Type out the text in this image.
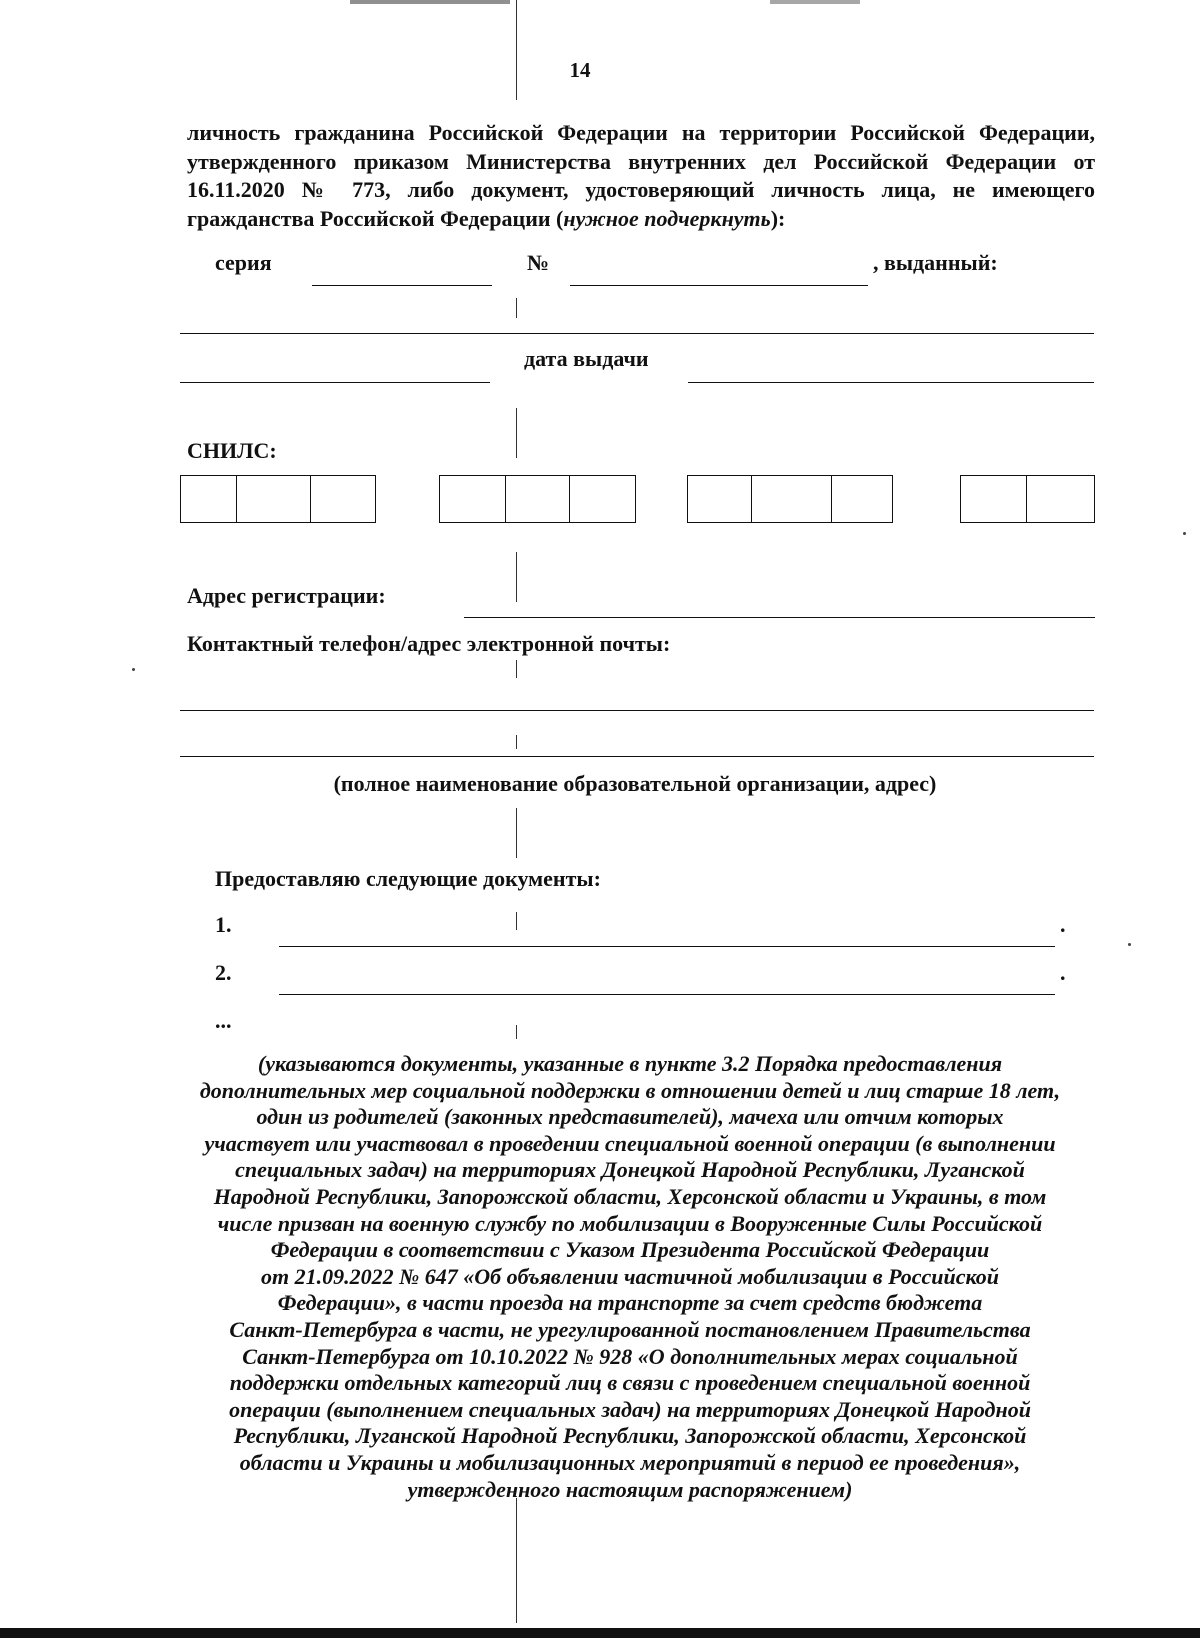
14
личность гражданина Российской Федерации на территории Российской Федерации, утвержденного приказом Министерства внутренних дел Российской Федерации от 16.11.2020 № 773, либо документ, удостоверяющий личность лица, не имеющего гражданства Российской Федерации (нужное подчеркнуть):
серия	№	, выданный:
дата выдачи
СНИЛС:
Адрес регистрации:
Контактный телефон/адрес электронной почты:
(полное наименование образовательной организации, адрес)
Предоставляю следующие документы:
1.	.
2.	.
...
(указываются документы, указанные в пункте 3.2 Порядка предоставления
дополнительных мер социальной поддержки в отношении детей и лиц старше 18 лет,
один из родителей (законных представителей), мачеха или отчим которых
участвует или участвовал в проведении специальной военной операции (в выполнении
специальных задач) на территориях Донецкой Народной Республики, Луганской
Народной Республики, Запорожской области, Херсонской области и Украины, в том
числе призван на военную службу по мобилизации в Вооруженные Силы Российской
Федерации в соответствии с Указом Президента Российской Федерации
от 21.09.2022 № 647 «Об объявлении частичной мобилизации в Российской
Федерации», в части проезда на транспорте за счет средств бюджета
Санкт-Петербурга в части, не урегулированной постановлением Правительства
Санкт-Петербурга от 10.10.2022 № 928 «О дополнительных мерах социальной
поддержки отдельных категорий лиц в связи с проведением специальной военной
операции (выполнением специальных задач) на территориях Донецкой Народной
Республики, Луганской Народной Республики, Запорожской области, Херсонской
области и Украины и мобилизационных мероприятий в период ее проведения»,
утвержденного настоящим распоряжением)
